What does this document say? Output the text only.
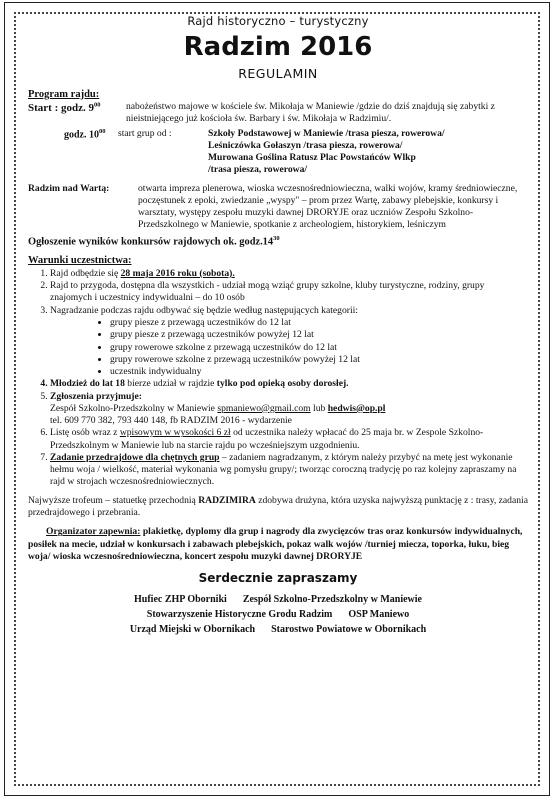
Rajd historyczno – turystyczny
Radzim 2016
REGULAMIN
Program rajdu:
Start : godz. $9^{00}$	nabożeństwo majowe w kościele św. Mikołaja w Maniewie /gdzie do dziś znajdują się zabytki z nieistniejącego już kościoła św. Barbary i św. Mikołaja w Radzimiu/.
godz. $10^{00}$	start grup od :	Szkoły Podstawowej w Maniewie /trasa piesza, rowerowa/
Leśniczówka Gołaszyn /trasa piesza, rowerowa/
Murowana Goślina Ratusz Plac Powstańców Wlkp
/trasa piesza, rowerowa/
Radzim nad Wartą:	otwarta impreza plenerowa, wioska wczesnośredniowieczna, walki wojów, kramy średniowieczne, poczęstunek z epoki, zwiedzanie „wyspy" – prom przez Wartę, zabawy plebejskie, konkursy i warsztaty, występy zespołu muzyki dawnej DRORYJE oraz uczniów Zespołu Szkolno-Przedszkolnego w Maniewie, spotkanie z archeologiem, historykiem, leśniczym
Ogłoszenie wyników konkursów rajdowych ok. $godz.14^{30}$
Warunki uczestnictwa:
1. Rajd odbędzie się 28 maja 2016 roku (sobota).
2. Rajd to przygoda, dostępna dla wszystkich - udział mogą wziąć grupy szkolne, kluby turystyczne, rodziny, grupy znajomych i uczestnicy indywidualni – do 10 osób
3. Nagradzanie podczas rajdu odbywać się będzie według następujących kategorii:
• grupy piesze z przewagą uczestników do 12 lat
• grupy piesze z przewagą uczestników powyżej 12 lat
• grupy rowerowe szkolne z przewagą uczestników do 12 lat
• grupy rowerowe szkolne z przewagą uczestników powyżej 12 lat
• uczestnik indywidualny
4. Młodzież do lat 18 bierze udział w rajdzie tylko pod opieką osoby dorosłej.
5. Zgłoszenia przyjmuje:
Zespół Szkolno-Przedszkolny w Maniewie spmaniewo@gmail.com lub hedwis@op.pl
tel. 609 770 382, 793 440 148, fb RADZIM 2016 - wydarzenie
6. Listę osób wraz z wpisowym w wysokości 6 zł od uczestnika należy wpłacać do 25 maja br. w Zespole Szkolno-Przedszkolnym w Maniewie lub na starcie rajdu po wcześniejszym uzgodnieniu.
7. Zadanie przedrajdowe dla chętnych grup – zadaniem nagradzanym, z którym należy przybyć na metę jest wykonanie hełmu woja / wielkość, materiał wykonania wg pomysłu grupy/; tworząc coroczną tradycję po raz kolejny zapraszamy na rajd w strojach wczesnośredniowiecznych.

Najwyższe trofeum – statuetkę przechodnią RADZIMIRA zdobywa drużyna, która uzyska najwyższą punktację z : trasy, zadania przedrajdowego i przebrania.

Organizator zapewnia: plakietkę, dyplomy dla grup i nagrody dla zwycięzców tras oraz konkursów indywidualnych, posiłek na mecie, udział w konkursach i zabawach plebejskich, pokaz walk wojów /turniej miecza, toporka, łuku, bieg woja/ wioska wczesnośredniowieczna, koncert zespołu muzyki dawnej DRORYJE

Serdecznie zapraszamy
Hufiec ZHP Oborniki Zespół Szkolno-Przedszkolny w Maniewie
Stowarzyszenie Historyczne Grodu Radzim OSP Maniewo
Urząd Miejski w Obornikach Starostwo Powiatowe w Obornikach
